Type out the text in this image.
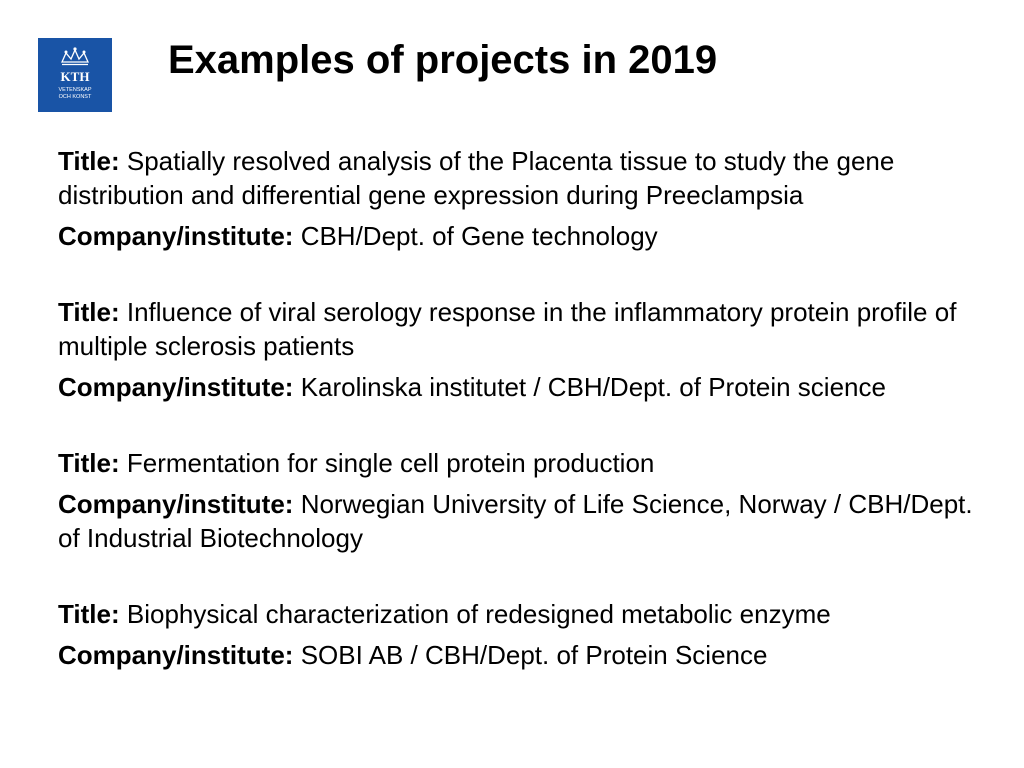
KTH
VETENSKAP
OCH KONST
Examples of projects in 2019

Title: Spatially resolved analysis of the Placenta tissue to study the gene distribution and differential gene expression during Preeclampsia

Company/institute: CBH/Dept. of Gene technology

Title: Influence of viral serology response in the inflammatory protein profile of multiple sclerosis patients

Company/institute: Karolinska institutet / CBH/Dept. of Protein science

Title: Fermentation for single cell protein production

Company/institute: Norwegian University of Life Science, Norway / CBH/Dept. of Industrial Biotechnology

Title: Biophysical characterization of redesigned metabolic enzyme

Company/institute: SOBI AB / CBH/Dept. of Protein Science
